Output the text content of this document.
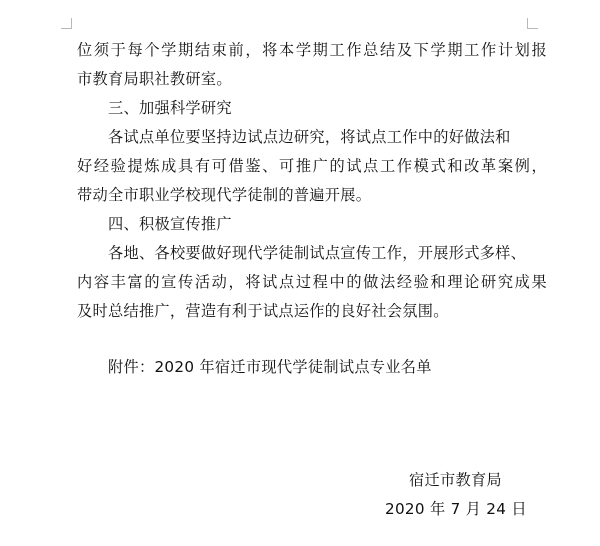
位须于每个学期结束前，将本学期工作总结及下学期工作计划报
市教育局职社教研室。
三、加强科学研究
各试点单位要坚持边试点边研究，将试点工作中的好做法和
好经验提炼成具有可借鉴、可推广的试点工作模式和改革案例，
带动全市职业学校现代学徒制的普遍开展。
四、积极宣传推广
各地、各校要做好现代学徒制试点宣传工作，开展形式多样、
内容丰富的宣传活动，将试点过程中的做法经验和理论研究成果
及时总结推广，营造有利于试点运作的良好社会氛围。
附件：2020 年宿迁市现代学徒制试点专业名单
宿迁市教育局
2020 年 7 月 24 日
